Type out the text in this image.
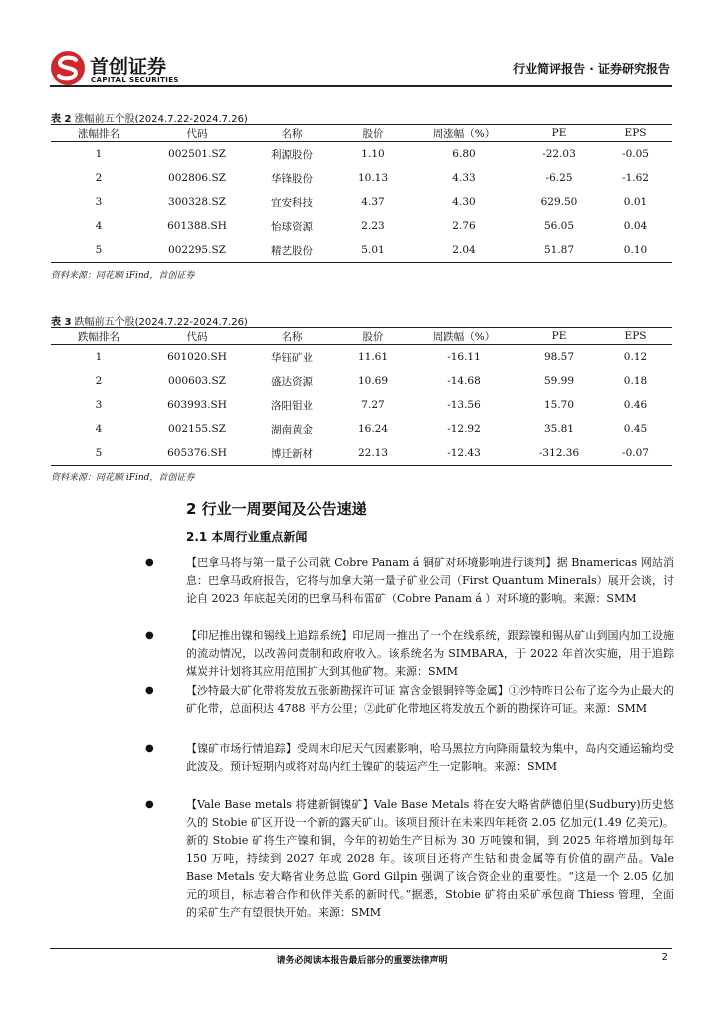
首创证券
CAPITAL SECURITIES
行业简评报告 · 证券研究报告
表 2 涨幅前五个股(2024.7.22-2024.7.26)
涨幅排名	代码	名称	股价	周涨幅（%）	PE	EPS
1	002501.SZ	利源股份	1.10	6.80	-22.03	-0.05
2	002806.SZ	华锋股份	10.13	4.33	-6.25	-1.62
3	300328.SZ	宜安科技	4.37	4.30	629.50	0.01
4	601388.SH	怡球资源	2.23	2.76	56.05	0.04
5	002295.SZ	精艺股份	5.01	2.04	51.87	0.10
资料来源：同花顺 iFind，首创证券
表 3 跌幅前五个股(2024.7.22-2024.7.26)
跌幅排名	代码	名称	股价	周跌幅（%）	PE	EPS
1	601020.SH	华钰矿业	11.61	-16.11	98.57	0.12
2	000603.SZ	盛达资源	10.69	-14.68	59.99	0.18
3	603993.SH	洛阳钼业	7.27	-13.56	15.70	0.46
4	002155.SZ	湖南黄金	16.24	-12.92	35.81	0.45
5	605376.SH	博迁新材	22.13	-12.43	-312.36	-0.07
资料来源：同花顺 iFind，首创证券
2 行业一周要闻及公告速递
2.1 本周行业重点新闻
●	【巴拿马将与第一量子公司就 Cobre Panam á 铜矿对环境影响进行谈判】据 Bnamericas 网站消息：巴拿马政府报告，它将与加拿大第一量子矿业公司（First Quantum Minerals）展开会谈，讨论自 2023 年底起关闭的巴拿马科布雷矿（Cobre Panam á ）对环境的影响。来源：SMM
●	【印尼推出镍和锡线上追踪系统】印尼周一推出了一个在线系统，跟踪镍和锡从矿山到国内加工设施的流动情况，以改善问责制和政府收入。该系统名为 SIMBARA，于 2022 年首次实施，用于追踪煤炭并计划将其应用范围扩大到其他矿物。来源：SMM
●	【沙特最大矿化带将发放五张新勘探许可证 富含金银铜锌等金属】①沙特昨日公布了迄今为止最大的矿化带，总面积达 4788 平方公里；②此矿化带地区将发放五个新的勘探许可证。来源：SMM
●	【镍矿市场行情追踪】受周末印尼天气因素影响，哈马黑拉方向降雨量较为集中，岛内交通运输均受此波及。预计短期内或将对岛内红土镍矿的装运产生一定影响。来源：SMM
●	【Vale Base metals 将建新铜镍矿】Vale Base Metals 将在安大略省萨德伯里(Sudbury)历史悠久的 Stobie 矿区开设一个新的露天矿山。该项目预计在未来四年耗资 2.05 亿加元(1.49 亿美元)。新的 Stobie 矿将生产镍和铜，今年的初始生产目标为 30 万吨镍和铜，到 2025 年将增加到每年 150 万吨，持续到 2027 年或 2028 年。该项目还将产生钴和贵金属等有价值的副产品。Vale Base Metals 安大略省业务总监 Gord Gilpin 强调了该合资企业的重要性。“这是一个 2.05 亿加元的项目，标志着合作和伙伴关系的新时代。”据悉，Stobie 矿将由采矿承包商 Thiess 管理，全面的采矿生产有望很快开始。来源：SMM
请务必阅读本报告最后部分的重要法律声明	2
